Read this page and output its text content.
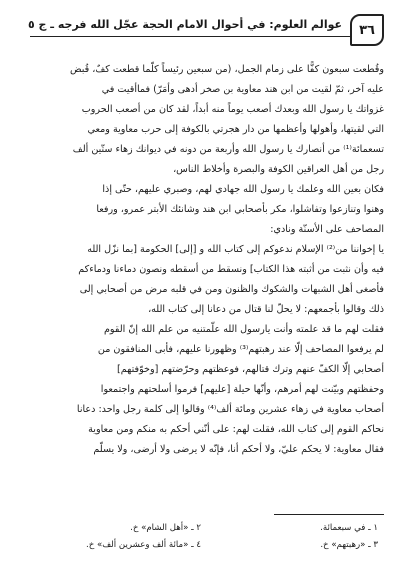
٣٦
عوالم العلوم: في أحوال الامام الحجة عجّل الله فرجه ـ ج ٥

وقُطعت سبعون كفًّا على زمام الجمل، (من سبعين رئيساً كلّما قطعت كفٌ، قُبض

عليه آخر، ثمّ لقيت من ابن هند معاوية بن صخر أدهى وأمَرّ) فماأقيت في

غزواتك يا رسول الله وبعدك أصعب يوماً منه أبداً، لقد كان من أصعب الحروب

التي لقيتها، وأهولها وأعظمها من دار هجرتي بالكوفة إلى حرب معاوية ومعي

تسعمائة⁽¹⁾ من أنصارك يا رسول الله وأربعة من دونه في ديوانك زهاء ستّين ألف

رجل من أهل العراقين الكوفة والبصرة وأخلاط الناس،

فكان بعين الله وعلمك يا رسول الله جهادي لهم، وصبري عليهم، حتّى إذا

وهنوا وتنازعوا وتفاشلوا، مكر بأصحابي ابن هند وشانئك الأبتر عمرو، ورفعا

المصاحف على الأسنّة ونادي:

يا إخواننا من⁽²⁾ الإسلام ندعوكم إلى كتاب الله و [إلى] الحكومة [بما نزّل الله

فيه وأن نثبت من أثبته هذا الكتاب] ونسقط من أسقطه ونصون دماءنا ودماءكم

فأصغى أهل الشبهات والشكوك والظنون ومن في قلبه مرض من أصحابي إلى

ذلك وقالوا بأجمعهم: لا يحلّ لنا قتال من دعانا إلى كتاب الله،

فقلت لهم ما قد علمته وأنت يارسول الله علّمتنيه من علم الله إنّ القوم

لم يرفعوا المصاحف إلّا عند رهبتهم⁽³⁾ وظهورنا عليهم، فأبى المنافقون من

أصحابي إلّا الكفّ عنهم وترك قتالهم، فوعظتهم وحرّضتهم [وخوّفتهم]

وحفظتهم وبيّنت لهم أمرهم، وأنّها حيلة [عليهم] فرموا أسلحتهم واجتمعوا

أصحاب معاوية في زهاء عشرين ومائة ألف⁽⁴⁾ وقالوا إلى كلمة رجل واحد: دعانا

نحاكم القوم إلى كتاب الله، فقلت لهم: على أنّني أحكم به منكم ومن معاوية

فقال معاوية: لا يحكم عليّ، ولا أحكم أنا، فإنّه لا يرضى ولا أرضى، ولا يسلّم

١ ـ في سبعمائة.
٢ ـ «أهل الشام» خ.
٣ ـ «رهبتهم» خ.
٤ ـ «مائة ألف وعشرين ألف» خ.
